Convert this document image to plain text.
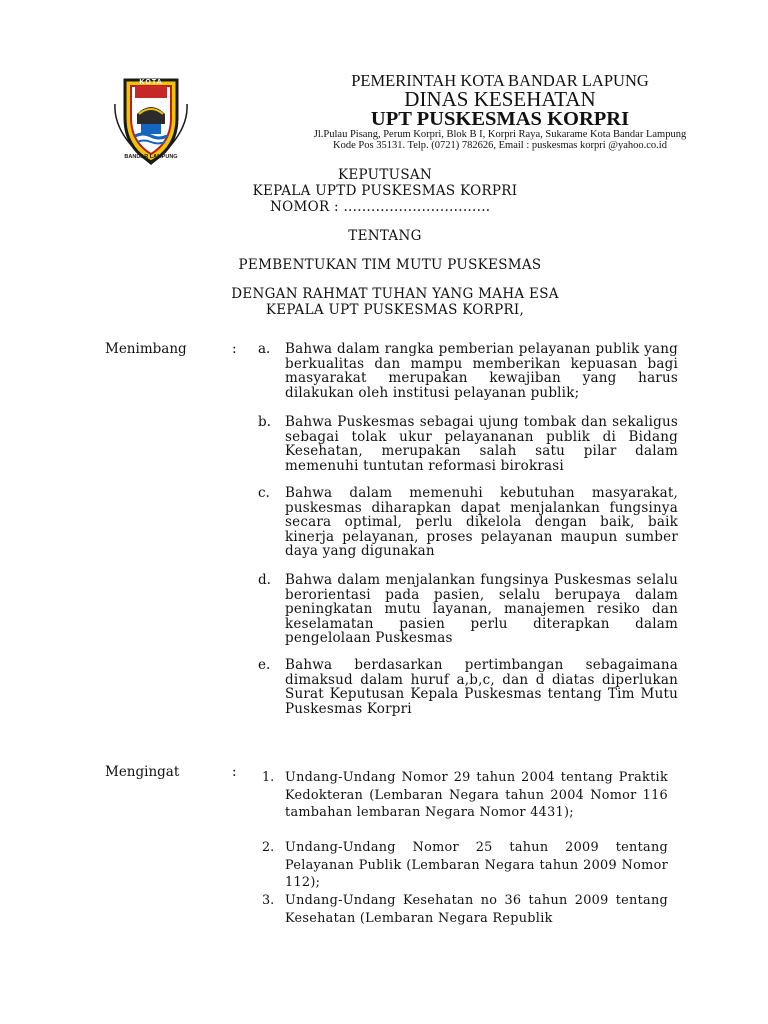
KOTA
BANDAR LAMPUNG
PEMERINTAH KOTA BANDAR LAPUNG
DINAS KESEHATAN
UPT PUSKESMAS KORPRI
Jl.Pulau Pisang, Perum Korpri, Blok B I, Korpri Raya, Sukarame Kota Bandar Lampung
Kode Pos 35131. Telp. (0721) 782626, Email : puskesmas korpri @yahoo.co.id
KEPUTUSAN
KEPALA UPTD PUSKESMAS KORPRI
NOMOR : ................................
TENTANG
PEMBENTUKAN TIM MUTU PUSKESMAS
DENGAN RAHMAT TUHAN YANG MAHA ESA
KEPALA UPT PUSKESMAS KORPRI,
Menimbang	: a. Bahwa dalam rangka pemberian pelayanan publik yang berkualitas dan mampu memberikan kepuasan bagi masyarakat merupakan kewajiban yang harus dilakukan oleh institusi pelayanan publik;
b. Bahwa Puskesmas sebagai ujung tombak dan sekaligus sebagai tolak ukur pelayananan publik di Bidang Kesehatan, merupakan salah satu pilar dalam memenuhi tuntutan reformasi birokrasi
c. Bahwa dalam memenuhi kebutuhan masyarakat, puskesmas diharapkan dapat menjalankan fungsinya secara optimal, perlu dikelola dengan baik, baik kinerja pelayanan, proses pelayanan maupun sumber daya yang digunakan
d. Bahwa dalam menjalankan fungsinya Puskesmas selalu berorientasi pada pasien, selalu berupaya dalam peningkatan mutu layanan, manajemen resiko dan keselamatan pasien perlu diterapkan dalam pengelolaan Puskesmas
e. Bahwa berdasarkan pertimbangan sebagaimana dimaksud dalam huruf a,b,c, dan d diatas diperlukan Surat Keputusan Kepala Puskesmas tentang Tim Mutu Puskesmas Korpri
Mengingat	: 1. Undang-Undang Nomor 29 tahun 2004 tentang Praktik Kedokteran (Lembaran Negara tahun 2004 Nomor 116 tambahan lembaran Negara Nomor 4431);
2. Undang-Undang Nomor 25 tahun 2009 tentang Pelayanan Publik (Lembaran Negara tahun 2009 Nomor 112);
3. Undang-Undang Kesehatan no 36 tahun 2009 tentang Kesehatan (Lembaran Negara Republik
